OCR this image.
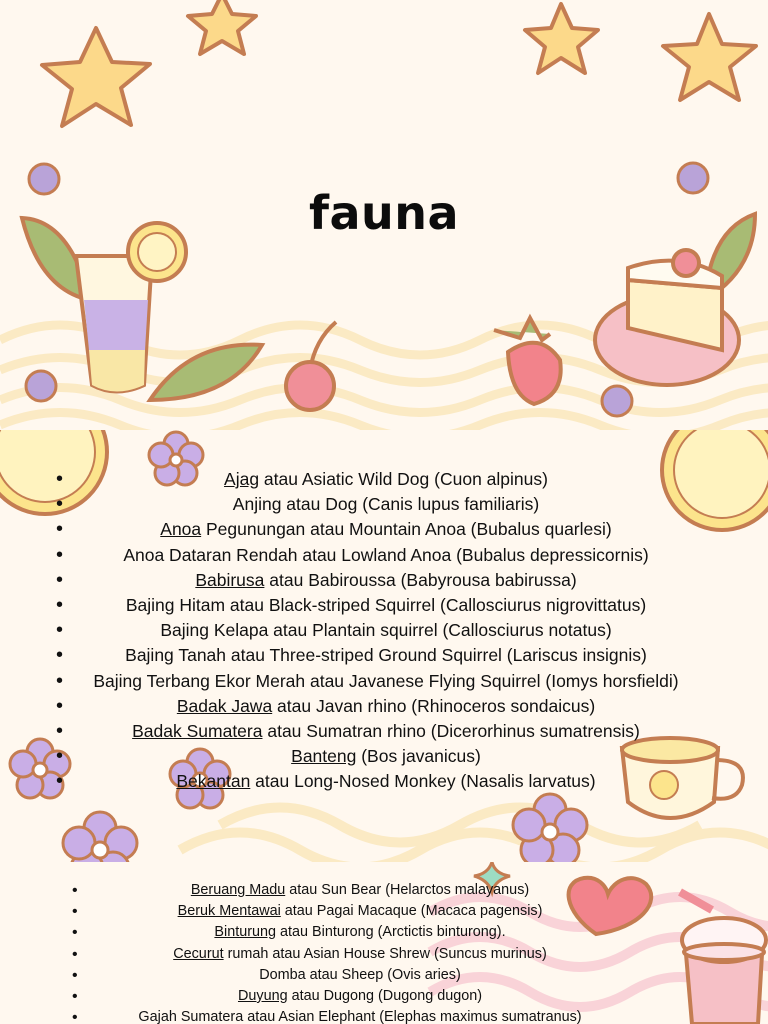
fauna
• Ajag atau Asiatic Wild Dog (Cuon alpinus)
• Anjing atau Dog (Canis lupus familiaris)
• Anoa Pegunungan atau Mountain Anoa (Bubalus quarlesi)
• Anoa Dataran Rendah atau Lowland Anoa (Bubalus depressicornis)
• Babirusa atau Babiroussa (Babyrousa babirussa)
• Bajing Hitam atau Black-striped Squirrel (Callosciurus nigrovittatus)
• Bajing Kelapa atau Plantain squirrel (Callosciurus notatus)
• Bajing Tanah atau Three-striped Ground Squirrel (Lariscus insignis)
• Bajing Terbang Ekor Merah atau Javanese Flying Squirrel (Iomys horsfieldi)
• Badak Jawa atau Javan rhino (Rhinoceros sondaicus)
• Badak Sumatera atau Sumatran rhino (Dicerorhinus sumatrensis)
• Banteng (Bos javanicus)
• Bekantan atau Long-Nosed Monkey (Nasalis larvatus)
• Beruang Madu atau Sun Bear (Helarctos malayanus)
• Beruk Mentawai atau Pagai Macaque (Macaca pagensis)
• Binturung atau Binturong (Arctictis binturong).
• Cecurut rumah atau Asian House Shrew (Suncus murinus)
• Domba atau Sheep (Ovis aries)
• Duyung atau Dugong (Dugong dugon)
• Gajah Sumatera atau Asian Elephant (Elephas maximus sumatranus)
